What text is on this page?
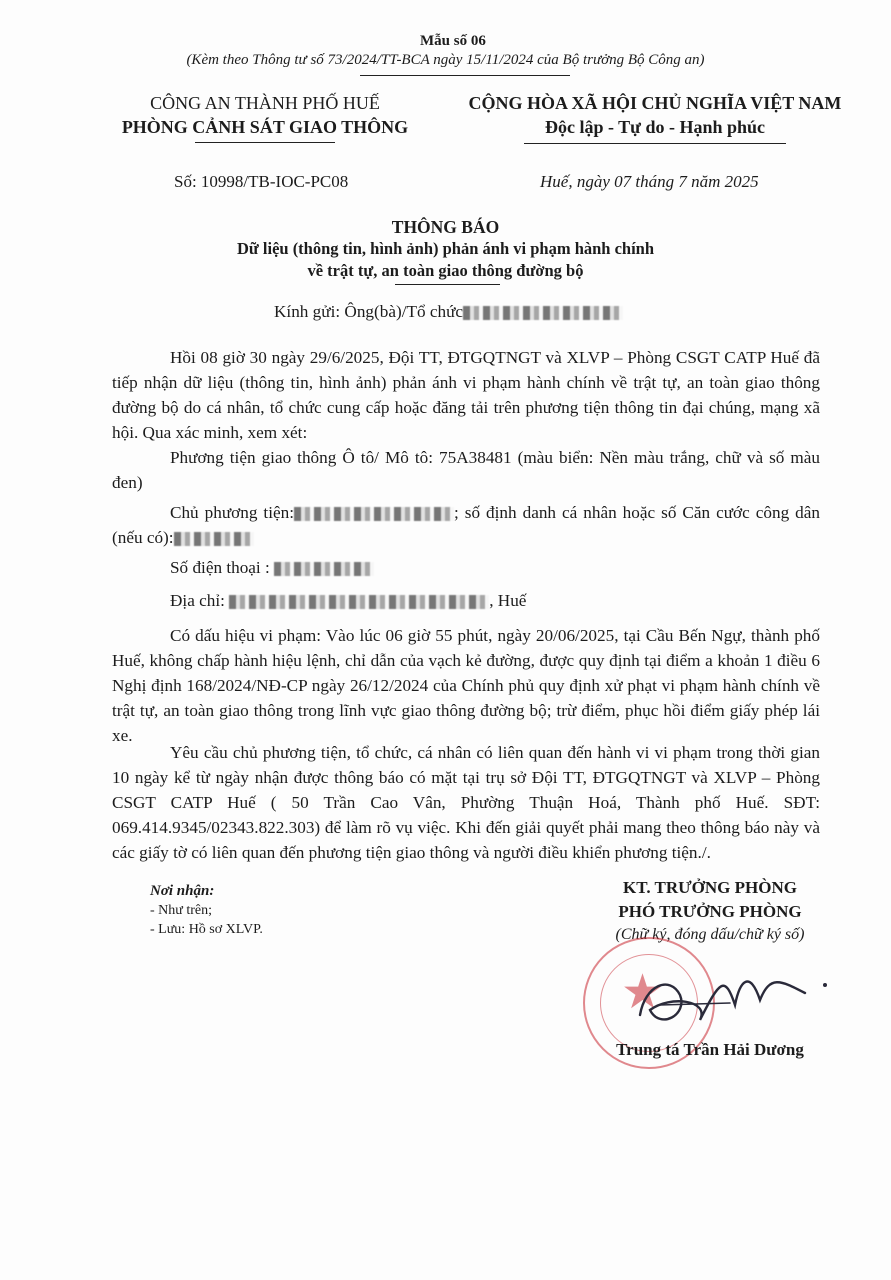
Mẫu số 06
(Kèm theo Thông tư số 73/2024/TT-BCA ngày 15/11/2024 của Bộ trưởng Bộ Công an)
CÔNG AN THÀNH PHỐ HUẾ
PHÒNG CẢNH SÁT GIAO THÔNG
Số: 10998/TB-IOC-PC08
CỘNG HÒA XÃ HỘI CHỦ NGHĨA VIỆT NAM
Độc lập - Tự do - Hạnh phúc
Huế, ngày 07 tháng 7 năm 2025
THÔNG BÁO
Dữ liệu (thông tin, hình ảnh) phản ánh vi phạm hành chính
về trật tự, an toàn giao thông đường bộ
Kính gửi: Ông(bà)/Tổ chức
Hồi 08 giờ 30 ngày 29/6/2025, Đội TT, ĐTGQTNGT và XLVP – Phòng CSGT CATP Huế đã tiếp nhận dữ liệu (thông tin, hình ảnh) phản ánh vi phạm hành chính về trật tự, an toàn giao thông đường bộ do cá nhân, tổ chức cung cấp hoặc đăng tải trên phương tiện thông tin đại chúng, mạng xã hội. Qua xác minh, xem xét:
Phương tiện giao thông Ô tô/ Mô tô: 75A38481 (màu biển: Nền màu trắng, chữ và số màu đen)
Chủ phương tiện:	; số định danh cá nhân hoặc số Căn cước công dân (nếu có):
Số điện thoại :
Địa chỉ:	, Huế
Có dấu hiệu vi phạm: Vào lúc 06 giờ 55 phút, ngày 20/06/2025, tại Cầu Bến Ngự, thành phố Huế, không chấp hành hiệu lệnh, chỉ dẫn của vạch kẻ đường, được quy định tại điểm a khoản 1 điều 6 Nghị định 168/2024/NĐ-CP ngày 26/12/2024 của Chính phủ quy định xử phạt vi phạm hành chính về trật tự, an toàn giao thông trong lĩnh vực giao thông đường bộ; trừ điểm, phục hồi điểm giấy phép lái xe.
Yêu cầu chủ phương tiện, tổ chức, cá nhân có liên quan đến hành vi vi phạm trong thời gian 10 ngày kể từ ngày nhận được thông báo có mặt tại trụ sở Đội TT, ĐTGQTNGT và XLVP – Phòng CSGT CATP Huế ( 50 Trần Cao Vân, Phường Thuận Hoá, Thành phố Huế. SĐT: 069.414.9345/02343.822.303) để làm rõ vụ việc. Khi đến giải quyết phải mang theo thông báo này và các giấy tờ có liên quan đến phương tiện giao thông và người điều khiển phương tiện./.
Nơi nhận:
- Như trên;
- Lưu: Hồ sơ XLVP.
KT. TRƯỞNG PHÒNG
PHÓ TRƯỞNG PHÒNG
(Chữ ký, đóng dấu/chữ ký số)
★
Trung tá Trần Hải Dương
